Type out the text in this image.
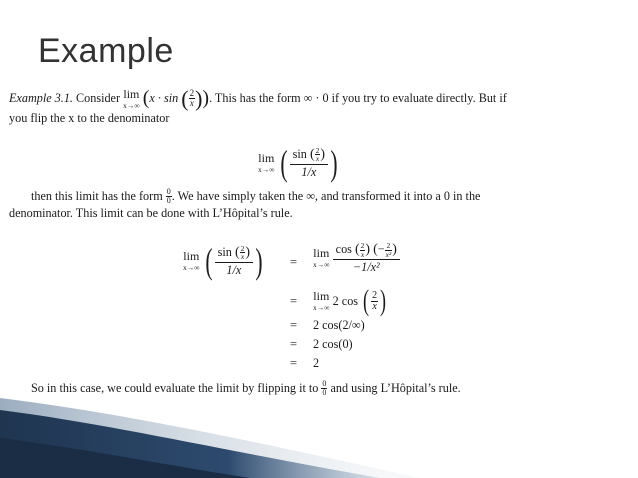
Example
Example 3.1.
Consider
lim
x→∞
( x · sin
( $\frac{2}{x}$ ) ) . This has the form ∞ · 0 if you try to evaluate directly. But if
you flip the x to the denominator
lim
x→∞
( $\frac{\sin ( \frac{2}{x} )}{1/x}$ )
then this limit has the form
$\frac{0}{0}$ . We have simply taken the ∞, and transformed it into a 0 in the
denominator. This limit can be done with L’Hôpital’s rule.
lim
x→∞
( $\frac{\sin ( \frac{2}{x} )}{1/x}$ ) =
lim
x→∞
$\frac{\cos ( \frac{2}{x} ) (- \frac{2}{\text{x²}} )}{\text{−1/x²}}$
= lim
x→∞

2 cos
( $\frac{2}{x}$ )
= 2 cos(2/∞)
= 2 cos(0)
= 2
So in this case, we could evaluate the limit by flipping it to
$\frac{0}{0}$
and using L’Hôpital’s rule.
